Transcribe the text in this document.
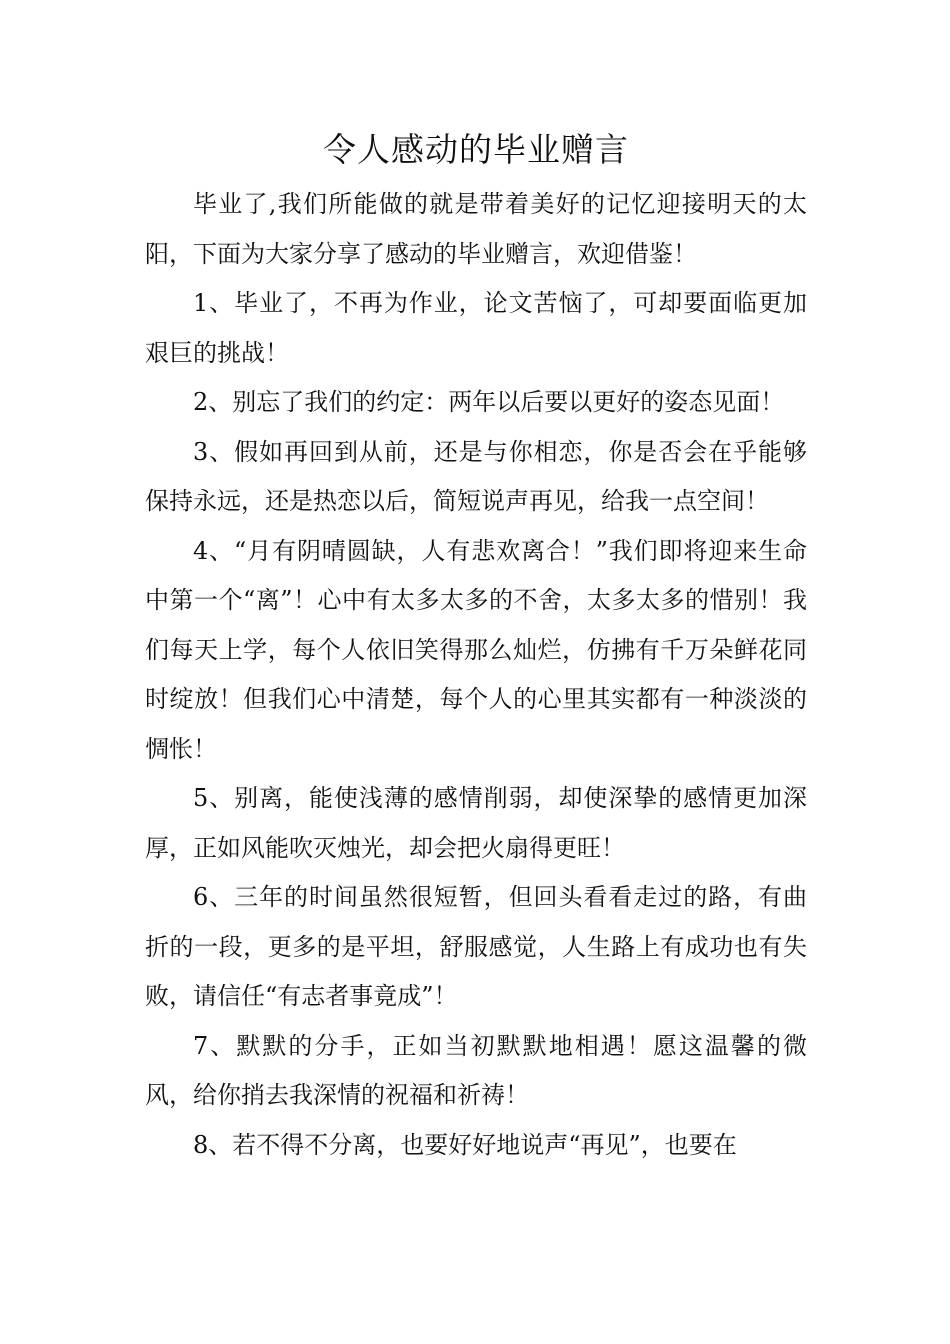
令人感动的毕业赠言

毕业了,我们所能做的就是带着美好的记忆迎接明天的太阳，下面为大家分享了感动的毕业赠言，欢迎借鉴！

1、毕业了，不再为作业，论文苦恼了，可却要面临更加艰巨的挑战！

2、别忘了我们的约定：两年以后要以更好的姿态见面！

3、假如再回到从前，还是与你相恋，你是否会在乎能够保持永远，还是热恋以后，简短说声再见，给我一点空间！

4、“月有阴晴圆缺，人有悲欢离合！”我们即将迎来生命中第一个“离”！心中有太多太多的不舍，太多太多的惜别！我们每天上学，每个人依旧笑得那么灿烂，仿拂有千万朵鲜花同时绽放！但我们心中清楚，每个人的心里其实都有一种淡淡的惆怅！

5、别离，能使浅薄的感情削弱，却使深挚的感情更加深厚，正如风能吹灭烛光，却会把火扇得更旺！

6、三年的时间虽然很短暂，但回头看看走过的路，有曲折的一段，更多的是平坦，舒服感觉，人生路上有成功也有失败，请信任“有志者事竟成”！

7、默默的分手，正如当初默默地相遇！愿这温馨的微风，给你捎去我深情的祝福和祈祷！

8、若不得不分离，也要好好地说声“再见”，也要在
